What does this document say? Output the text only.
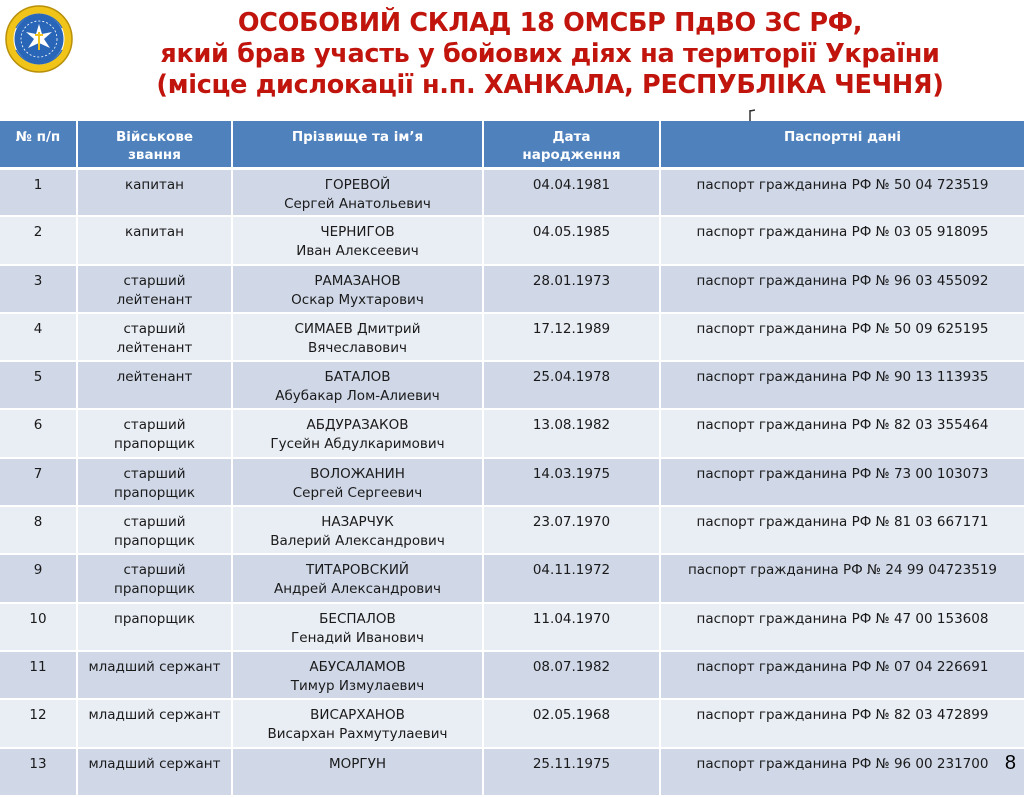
ОСОБОВИЙ СКЛАД 18 ОМСБР ПдВО ЗС РФ,
який брав участь у бойових діях на території України
(місце дислокації н.п. ХАНКАЛА, РЕСПУБЛІКА ЧЕЧНЯ)
№ п/п	Військове
звання	Прізвище та ім’я	Дата
народження	Паспортні дані
1	капитан	ГОРЕВОЙ
Сергей Анатольевич	04.04.1981	паспорт гражданина РФ № 50 04 723519
2	капитан	ЧЕРНИГОВ
Иван Алексеевич	04.05.1985	паспорт гражданина РФ № 03 05 918095
3	старший
лейтенант	РАМАЗАНОВ
Оскар Мухтарович	28.01.1973	паспорт гражданина РФ № 96 03 455092
4	старший
лейтенант	СИМАЕВ Дмитрий
Вячеславович	17.12.1989	паспорт гражданина РФ № 50 09 625195
5	лейтенант	БАТАЛОВ
Абубакар Лом-Алиевич	25.04.1978	паспорт гражданина РФ № 90 13 113935
6	старший
прапорщик	АБДУРАЗАКОВ
Гусейн Абдулкаримович	13.08.1982	паспорт гражданина РФ № 82 03 355464
7	старший
прапорщик	ВОЛОЖАНИН
Сергей Сергеевич	14.03.1975	паспорт гражданина РФ № 73 00 103073
8	старший
прапорщик	НАЗАРЧУК
Валерий Александрович	23.07.1970	паспорт гражданина РФ № 81 03 667171
9	старший
прапорщик	ТИТАРОВСКИЙ
Андрей Александрович	04.11.1972	паспорт гражданина РФ № 24 99 04723519
10	прапорщик	БЕСПАЛОВ
Генадий Иванович	11.04.1970	паспорт гражданина РФ № 47 00 153608
11	младший сержант	АБУСАЛАМОВ
Тимур Измулаевич	08.07.1982	паспорт гражданина РФ № 07 04 226691
12	младший сержант	ВИСАРХАНОВ
Висархан Рахмутулаевич	02.05.1968	паспорт гражданина РФ № 82 03 472899
13	младший сержант	МОРГУН	25.11.1975	паспорт гражданина РФ № 96 00 231700 8
